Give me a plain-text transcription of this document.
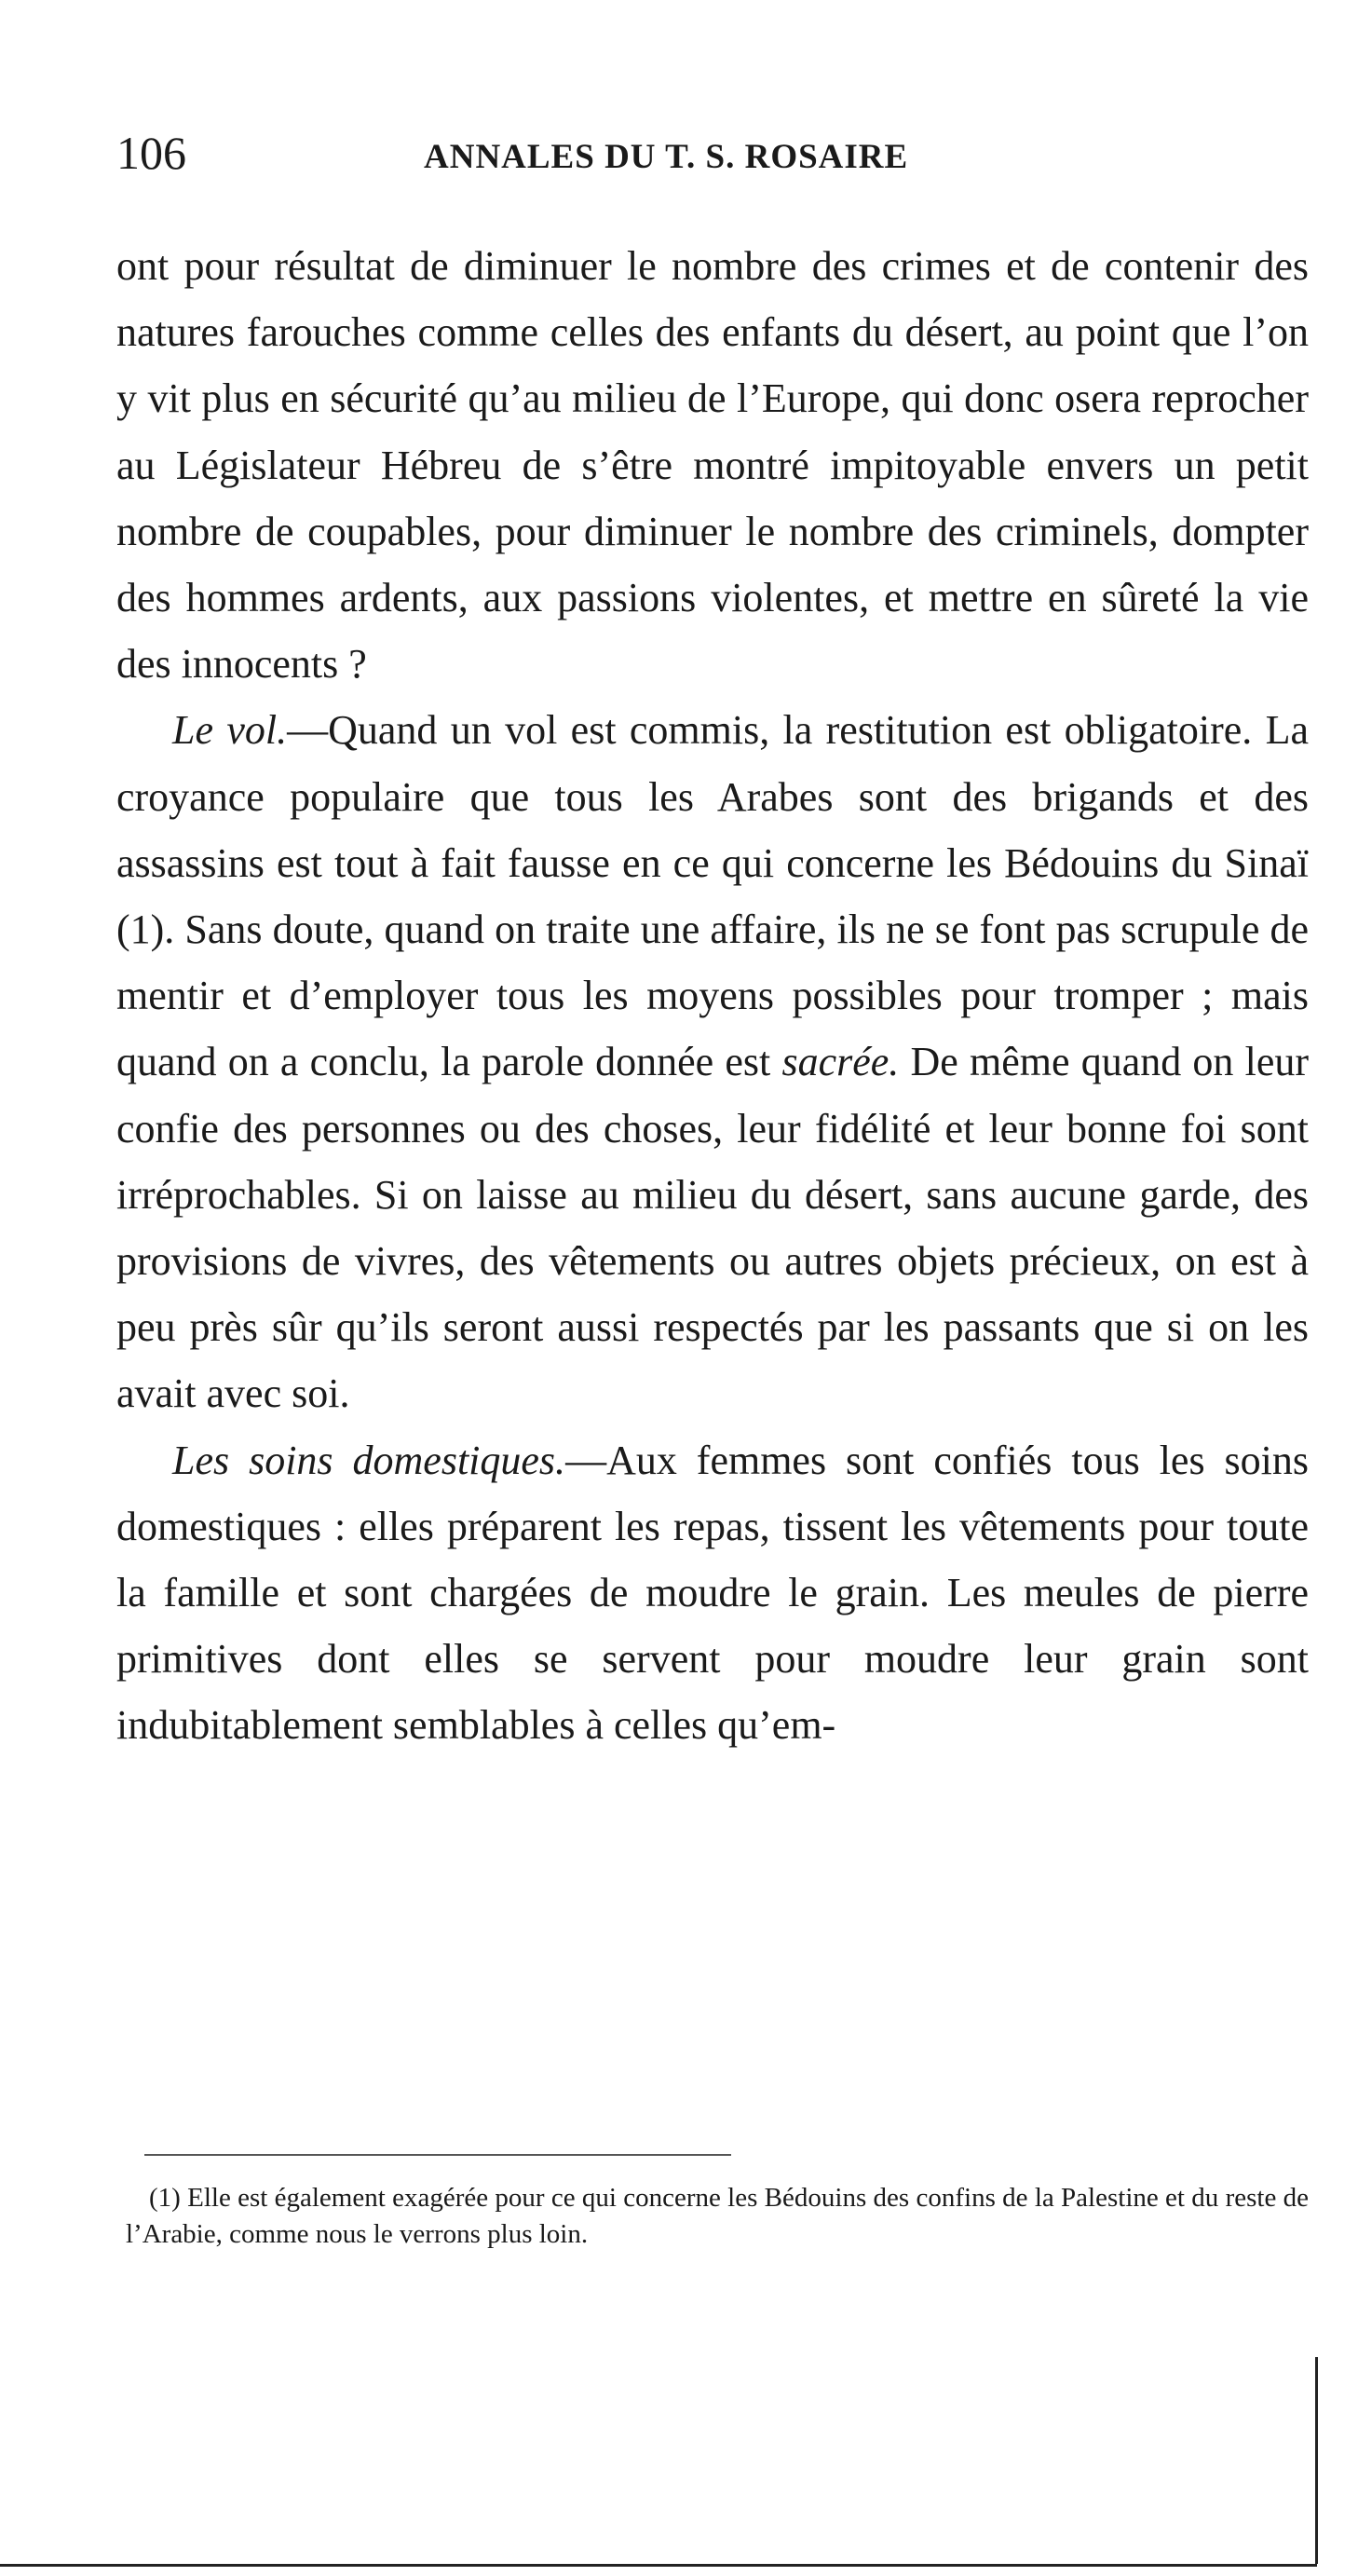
106	ANNALES DU T. S. ROSAIRE

ont pour résultat de diminuer le nombre des crimes et de contenir des natures farouches comme celles des enfants du désert, au point que l’on y vit plus en sécurité qu’au milieu de l’Europe, qui donc osera reprocher au Législateur Hébreu de s’être montré impitoyable envers un petit nombre de coupables, pour diminuer le nombre des criminels, dompter des hommes ardents, aux passions violentes, et mettre en sûreté la vie des innocents ?

Le vol.—Quand un vol est commis, la restitution est obligatoire. La croyance populaire que tous les Arabes sont des brigands et des assassins est tout à fait fausse en ce qui concerne les Bédouins du Sinaï (1). Sans doute, quand on traite une affaire, ils ne se font pas scrupule de mentir et d’employer tous les moyens possibles pour tromper ; mais quand on a conclu, la parole donnée est sacrée. De même quand on leur confie des personnes ou des choses, leur fidélité et leur bonne foi sont irréprochables. Si on laisse au milieu du désert, sans aucune garde, des provisions de vivres, des vêtements ou autres objets précieux, on est à peu près sûr qu’ils seront aussi respectés par les passants que si on les avait avec soi.

Les soins domestiques.—Aux femmes sont confiés tous les soins domestiques : elles préparent les repas, tissent les vêtements pour toute la famille et sont chargées de moudre le grain. Les meules de pierre primitives dont elles se servent pour moudre leur grain sont indubitablement semblables à celles qu’em-

(1) Elle est également exagérée pour ce qui concerne les Bédouins des confins de la Palestine et du reste de l’Arabie, comme nous le verrons plus loin.
